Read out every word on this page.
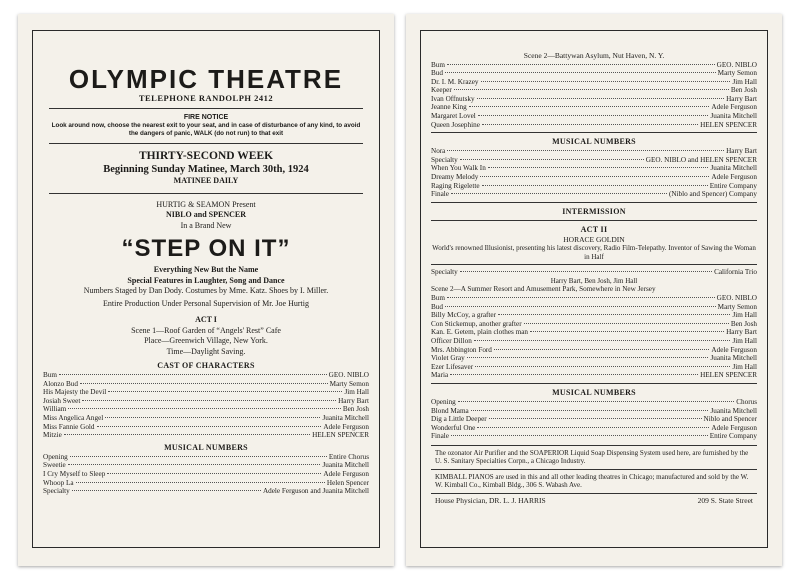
OLYMPIC THEATRE
TELEPHONE RANDOLPH 2412
FIRE NOTICE
Look around now, choose the nearest exit to your seat, and in case of disturbance of any kind, to avoid the dangers of panic, WALK (do not run) to that exit
THIRTY-SECOND WEEK
Beginning Sunday Matinee, March 30th, 1924
MATINEE DAILY
HURTIG & SEAMON Present
NIBLO and SPENCER
In a Brand New
“STEP ON IT”
Everything New But the Name
Special Features in Laughter, Song and Dance
Numbers Staged by Dan Dody. Costumes by Mme. Katz. Shoes by I. Miller.
Entire Production Under Personal Supervision of Mr. Joe Hurtig
ACT I
Scene 1—Roof Garden of “Angels' Rest” Cafe
Place—Greenwich Village, New York.
Time—Daylight Saving.
CAST OF CHARACTERS
Bum	GEO. NIBLO
Alonzo Bud	Marty Semon
His Majesty the Devil	Jim Hall
Josiah Sweet	Harry Bart
William	Ben Josh
Miss Angelica Angel	Juanita Mitchell
Miss Fannie Gold	Adele Ferguson
Mitzie	HELEN SPENCER
MUSICAL NUMBERS
Opening	Entire Chorus
Sweetie	Juanita Mitchell
I Cry Myself to Sleep	Adele Ferguson
Whoop La	Helen Spencer
Specialty	Adele Ferguson and Juanita Mitchell
Scene 2—Battywan Asylum, Nut Haven, N. Y.
Bum	GEO. NIBLO
Bud	Marty Semon
Dr. I. M. Krazey	Jim Hall
Keeper	Ben Josh
Ivan Offnutsky	Harry Bart
Jeanne King	Adele Ferguson
Margaret Lovel	Juanita Mitchell
Queen Josephine	HELEN SPENCER
MUSICAL NUMBERS
Nora	Harry Bart
Specialty	GEO. NIBLO and HELEN SPENCER
When You Walk In	Juanita Mitchell
Dreamy Melody	Adele Ferguson
Raging Rigelette	Entire Company
Finale	(Niblo and Spencer) Company
INTERMISSION
ACT II
HORACE GOLDIN
World's renowned Illusionist, presenting his latest discovery, Radio Film-Telepathy. Inventor of Sawing the Woman in Half
Specialty	California Trio
Harry Bart, Ben Josh, Jim Hall
Scene 2—A Summer Resort and Amusement Park, Somewhere in New Jersey
Bum	GEO. NIBLO
Bud	Marty Semon
Billy McCoy, a grafter	Jim Hall
Con Stickemup, another grafter	Ben Josh
Kan. E. Getem, plain clothes man	Harry Bart
Officer Dillon	Jim Hall
Mrs. Abbington Ford	Adele Ferguson
Violet Gray	Juanita Mitchell
Ezer Lifesaver	Jim Hall
Maria	HELEN SPENCER
MUSICAL NUMBERS
Opening	Chorus
Blond Mama	Juanita Mitchell
Dig a Little Deeper	Niblo and Spencer
Wonderful One	Adele Ferguson
Finale	Entire Company
The ozonator Air Purifier and the SOAPERIOR Liquid Soap Dispensing System used here, are furnished by the U. S. Sanitary Specialties Corpn., a Chicago Industry.
KIMBALL PIANOS are used in this and all other leading theatres in Chicago; manufactured and sold by the W. W. Kimball Co., Kimball Bldg., 306 S. Wabash Ave.
House Physician, DR. L. J. HARRIS	209 S. State Street
